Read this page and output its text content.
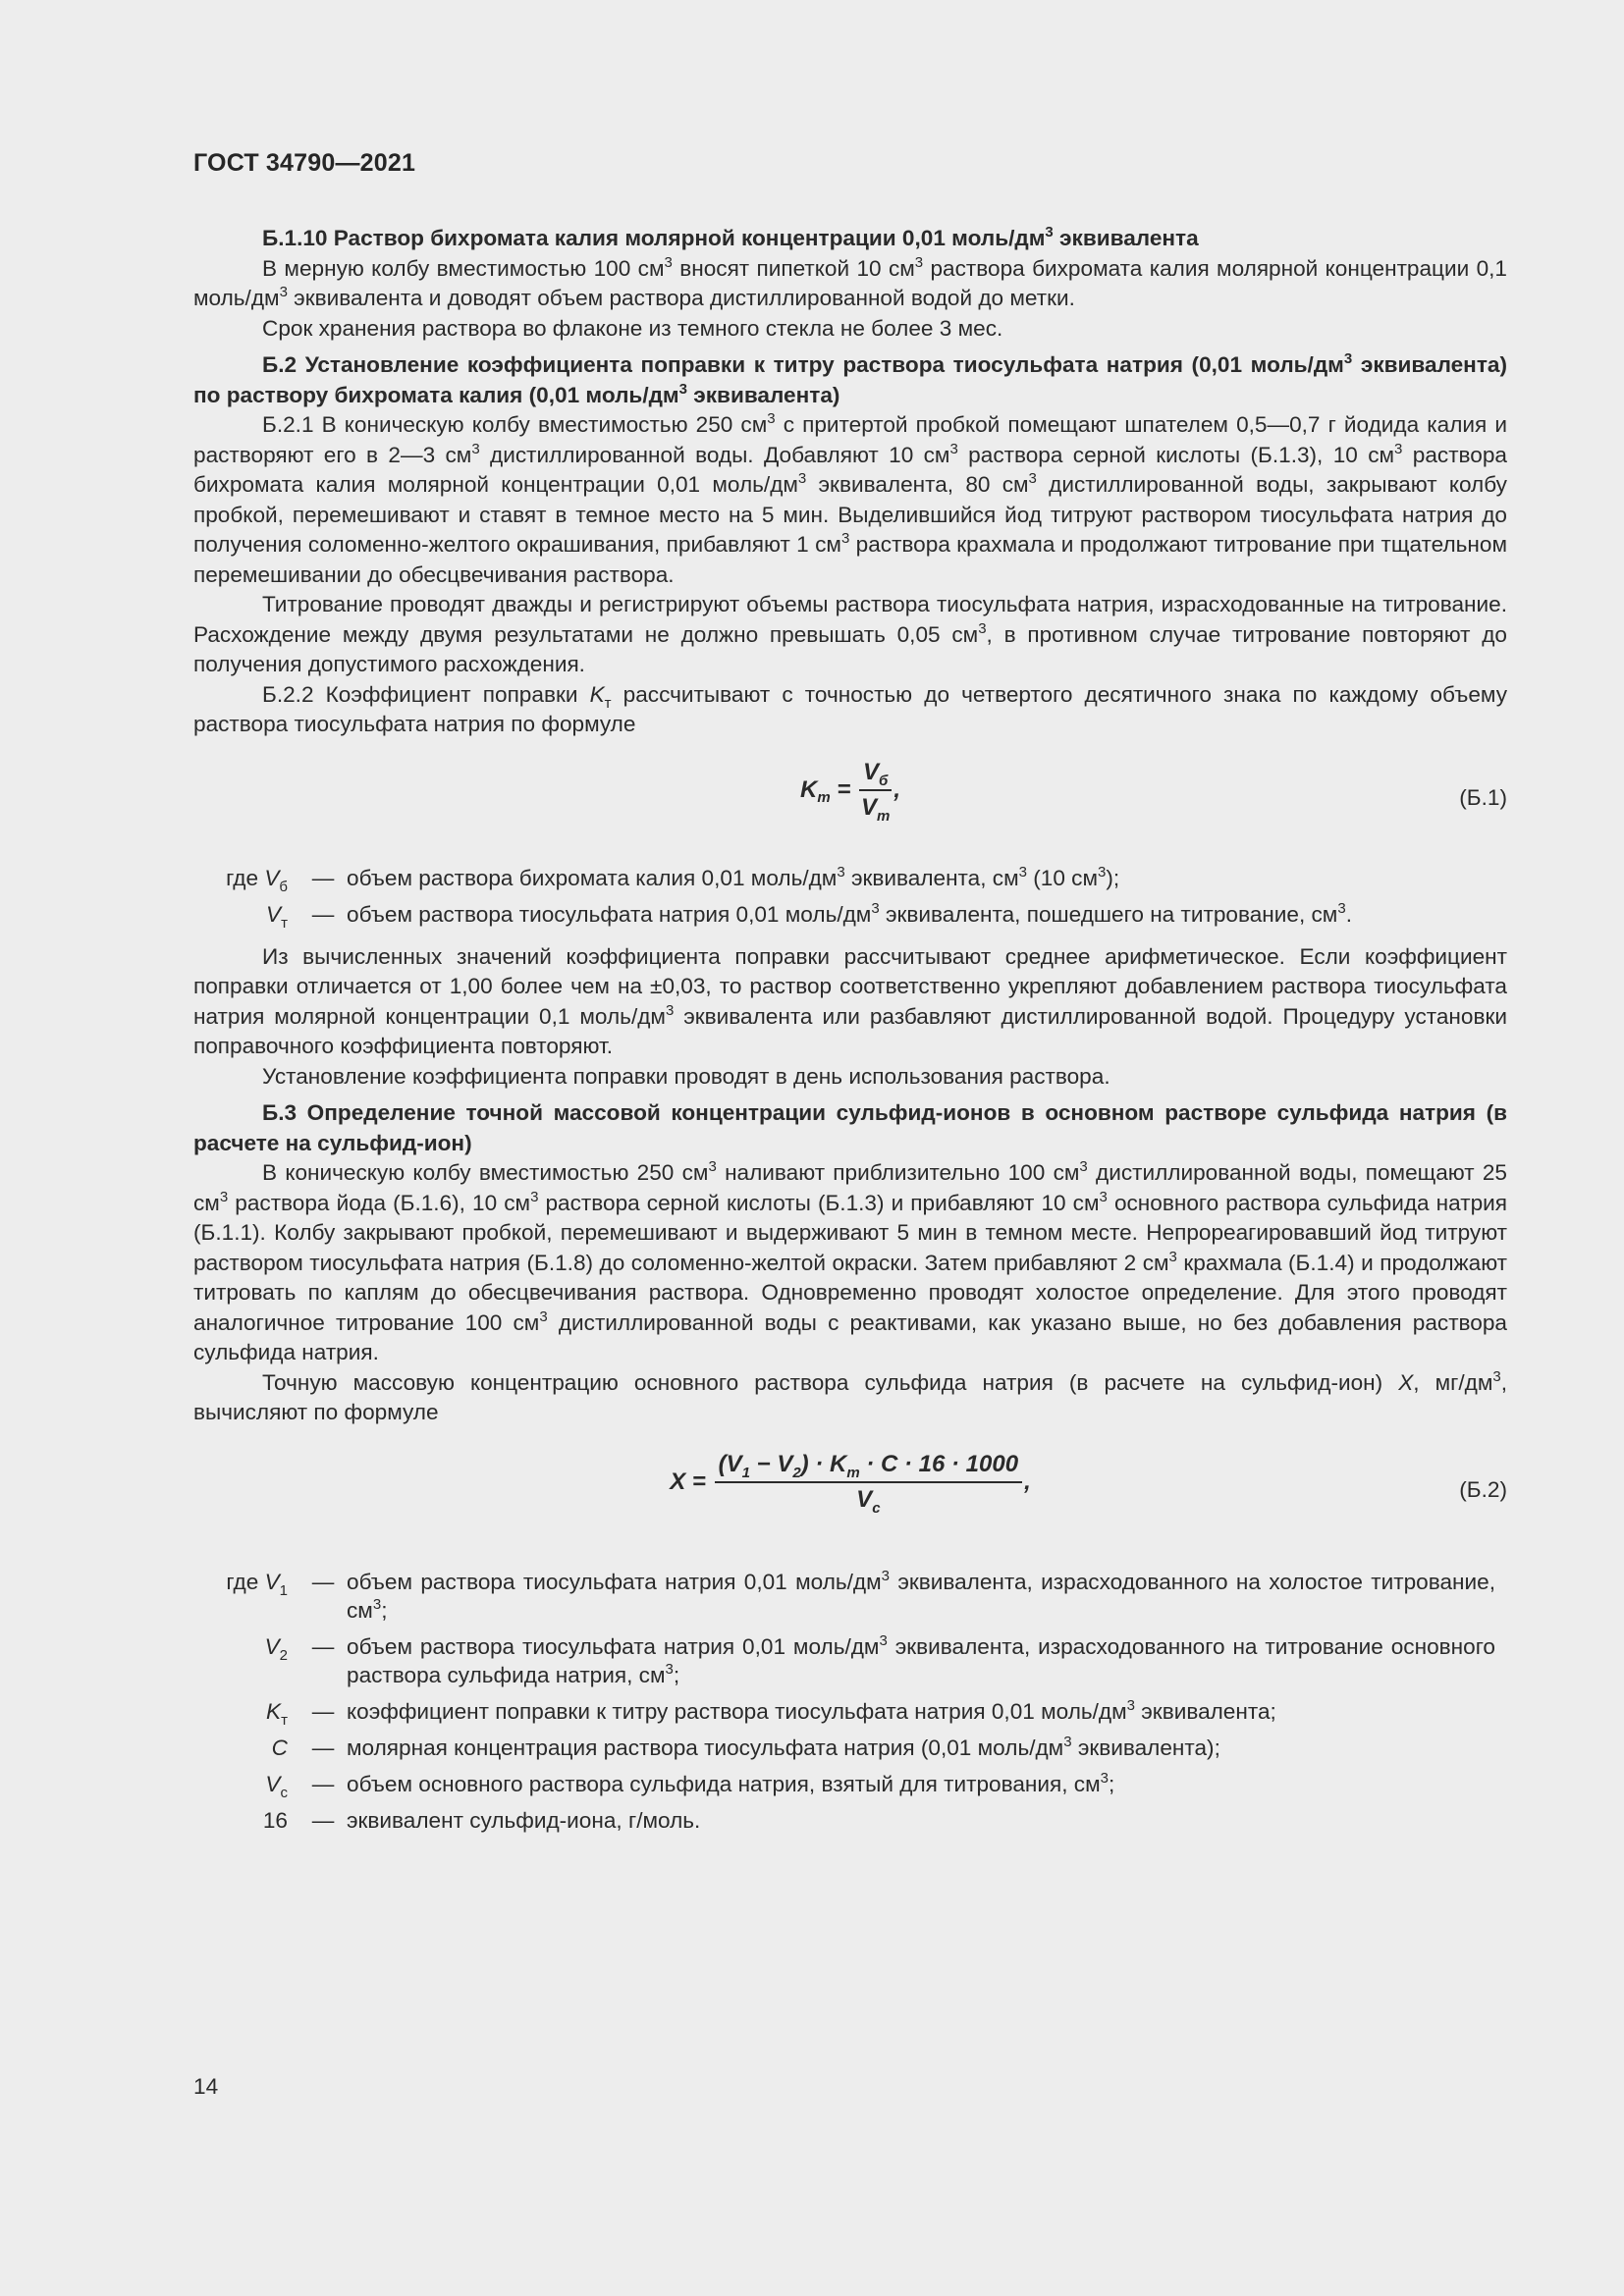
ГОСТ 34790—2021

Б.1.10 Раствор бихромата калия молярной концентрации 0,01 моль/$дм^3$ эквивалента

В мерную колбу вместимостью 100 $см^3$ вносят пипеткой 10 $см^3$ раствора бихромата калия молярной концентрации 0,1 моль/$дм^3$ эквивалента и доводят объем раствора дистиллированной водой до метки.

Срок хранения раствора во флаконе из темного стекла не более 3 мес.

Б.2 Установление коэффициента поправки к титру раствора тиосульфата натрия (0,01 моль/$дм^3$ эквивалента) по раствору бихромата калия (0,01 моль/$дм^3$ эквивалента)

Б.2.1 В коническую колбу вместимостью 250 $см^3$ с притертой пробкой помещают шпателем 0,5—0,7 г йодида калия и растворяют его в 2—3 $см^3$ дистиллированной воды. Добавляют 10 $см^3$ раствора серной кислоты (Б.1.3), 10 $см^3$ раствора бихромата калия молярной концентрации 0,01 моль/$дм^3$ эквивалента, 80 $см^3$ дистиллированной воды, закрывают колбу пробкой, перемешивают и ставят в темное место на 5 мин. Выделившийся йод титруют раствором тиосульфата натрия до получения соломенно-желтого окрашивания, прибавляют 1 $см^3$ раствора крахмала и продолжают титрование при тщательном перемешивании до обесцвечивания раствора.

Титрование проводят дважды и регистрируют объемы раствора тиосульфата натрия, израсходованные на титрование. Расхождение между двумя результатами не должно превышать 0,05 $см^3$, в противном случае титрование повторяют до получения допустимого расхождения.

Б.2.2 Коэффициент поправки $K_т$ рассчитывают с точностью до четвертого десятичного знака по каждому объему раствора тиосульфата натрия по формуле

$K_т = \frac{V_б}{V_т}$ ,	(Б.1)
где $V_б$	—	объем раствора бихромата калия 0,01 моль/$дм^3$ эквивалента, $см^3$ (10 $см^3$);
$V_т$	—	объем раствора тиосульфата натрия 0,01 моль/$дм^3$ эквивалента, пошедшего на титрование, $см^3$.

Из вычисленных значений коэффициента поправки рассчитывают среднее арифметическое. Если коэффициент поправки отличается от 1,00 более чем на ±0,03, то раствор соответственно укрепляют добавлением раствора тиосульфата натрия молярной концентрации 0,1 моль/$дм^3$ эквивалента или разбавляют дистиллированной водой. Процедуру установки поправочного коэффициента повторяют.

Установление коэффициента поправки проводят в день использования раствора.

Б.3 Определение точной массовой концентрации сульфид-ионов в основном растворе сульфида натрия (в расчете на сульфид-ион)

В коническую колбу вместимостью 250 $см^3$ наливают приблизительно 100 $см^3$ дистиллированной воды, помещают 25 $см^3$ раствора йода (Б.1.6), 10 $см^3$ раствора серной кислоты (Б.1.3) и прибавляют 10 $см^3$ основного раствора сульфида натрия (Б.1.1). Колбу закрывают пробкой, перемешивают и выдерживают 5 мин в темном месте. Непрореагировавший йод титруют раствором тиосульфата натрия (Б.1.8) до соломенно-желтой окраски. Затем прибавляют 2 $см^3$ крахмала (Б.1.4) и продолжают титровать по каплям до обесцвечивания раствора. Одновременно проводят холостое определение. Для этого проводят аналогичное титрование 100 $см^3$ дистиллированной воды с реактивами, как указано выше, но без добавления раствора сульфида натрия.

Точную массовую концентрацию основного раствора сульфида натрия (в расчете на сульфид-ион) X, $мг/дм^3$, вычисляют по формуле

$X = \frac{(V_1 - V_2) \cdot K_т \cdot C \cdot 16 \cdot 1000}{V_c}$ ,	(Б.2)
где $V_1$	—	объем раствора тиосульфата натрия 0,01 моль/$дм^3$ эквивалента, израсходованного на холостое титрование, $см^3$;
$V_2$	—	объем раствора тиосульфата натрия 0,01 моль/$дм^3$ эквивалента, израсходованного на титрование основного раствора сульфида натрия, $см^3$;
$K_т$	—	коэффициент поправки к титру раствора тиосульфата натрия 0,01 моль/$дм^3$ эквивалента;
C	—	молярная концентрация раствора тиосульфата натрия (0,01 моль/$дм^3$ эквивалента);
$V_c$	—	объем основного раствора сульфида натрия, взятый для титрования, $см^3$;
16	—	эквивалент сульфид-иона, г/моль.
14
